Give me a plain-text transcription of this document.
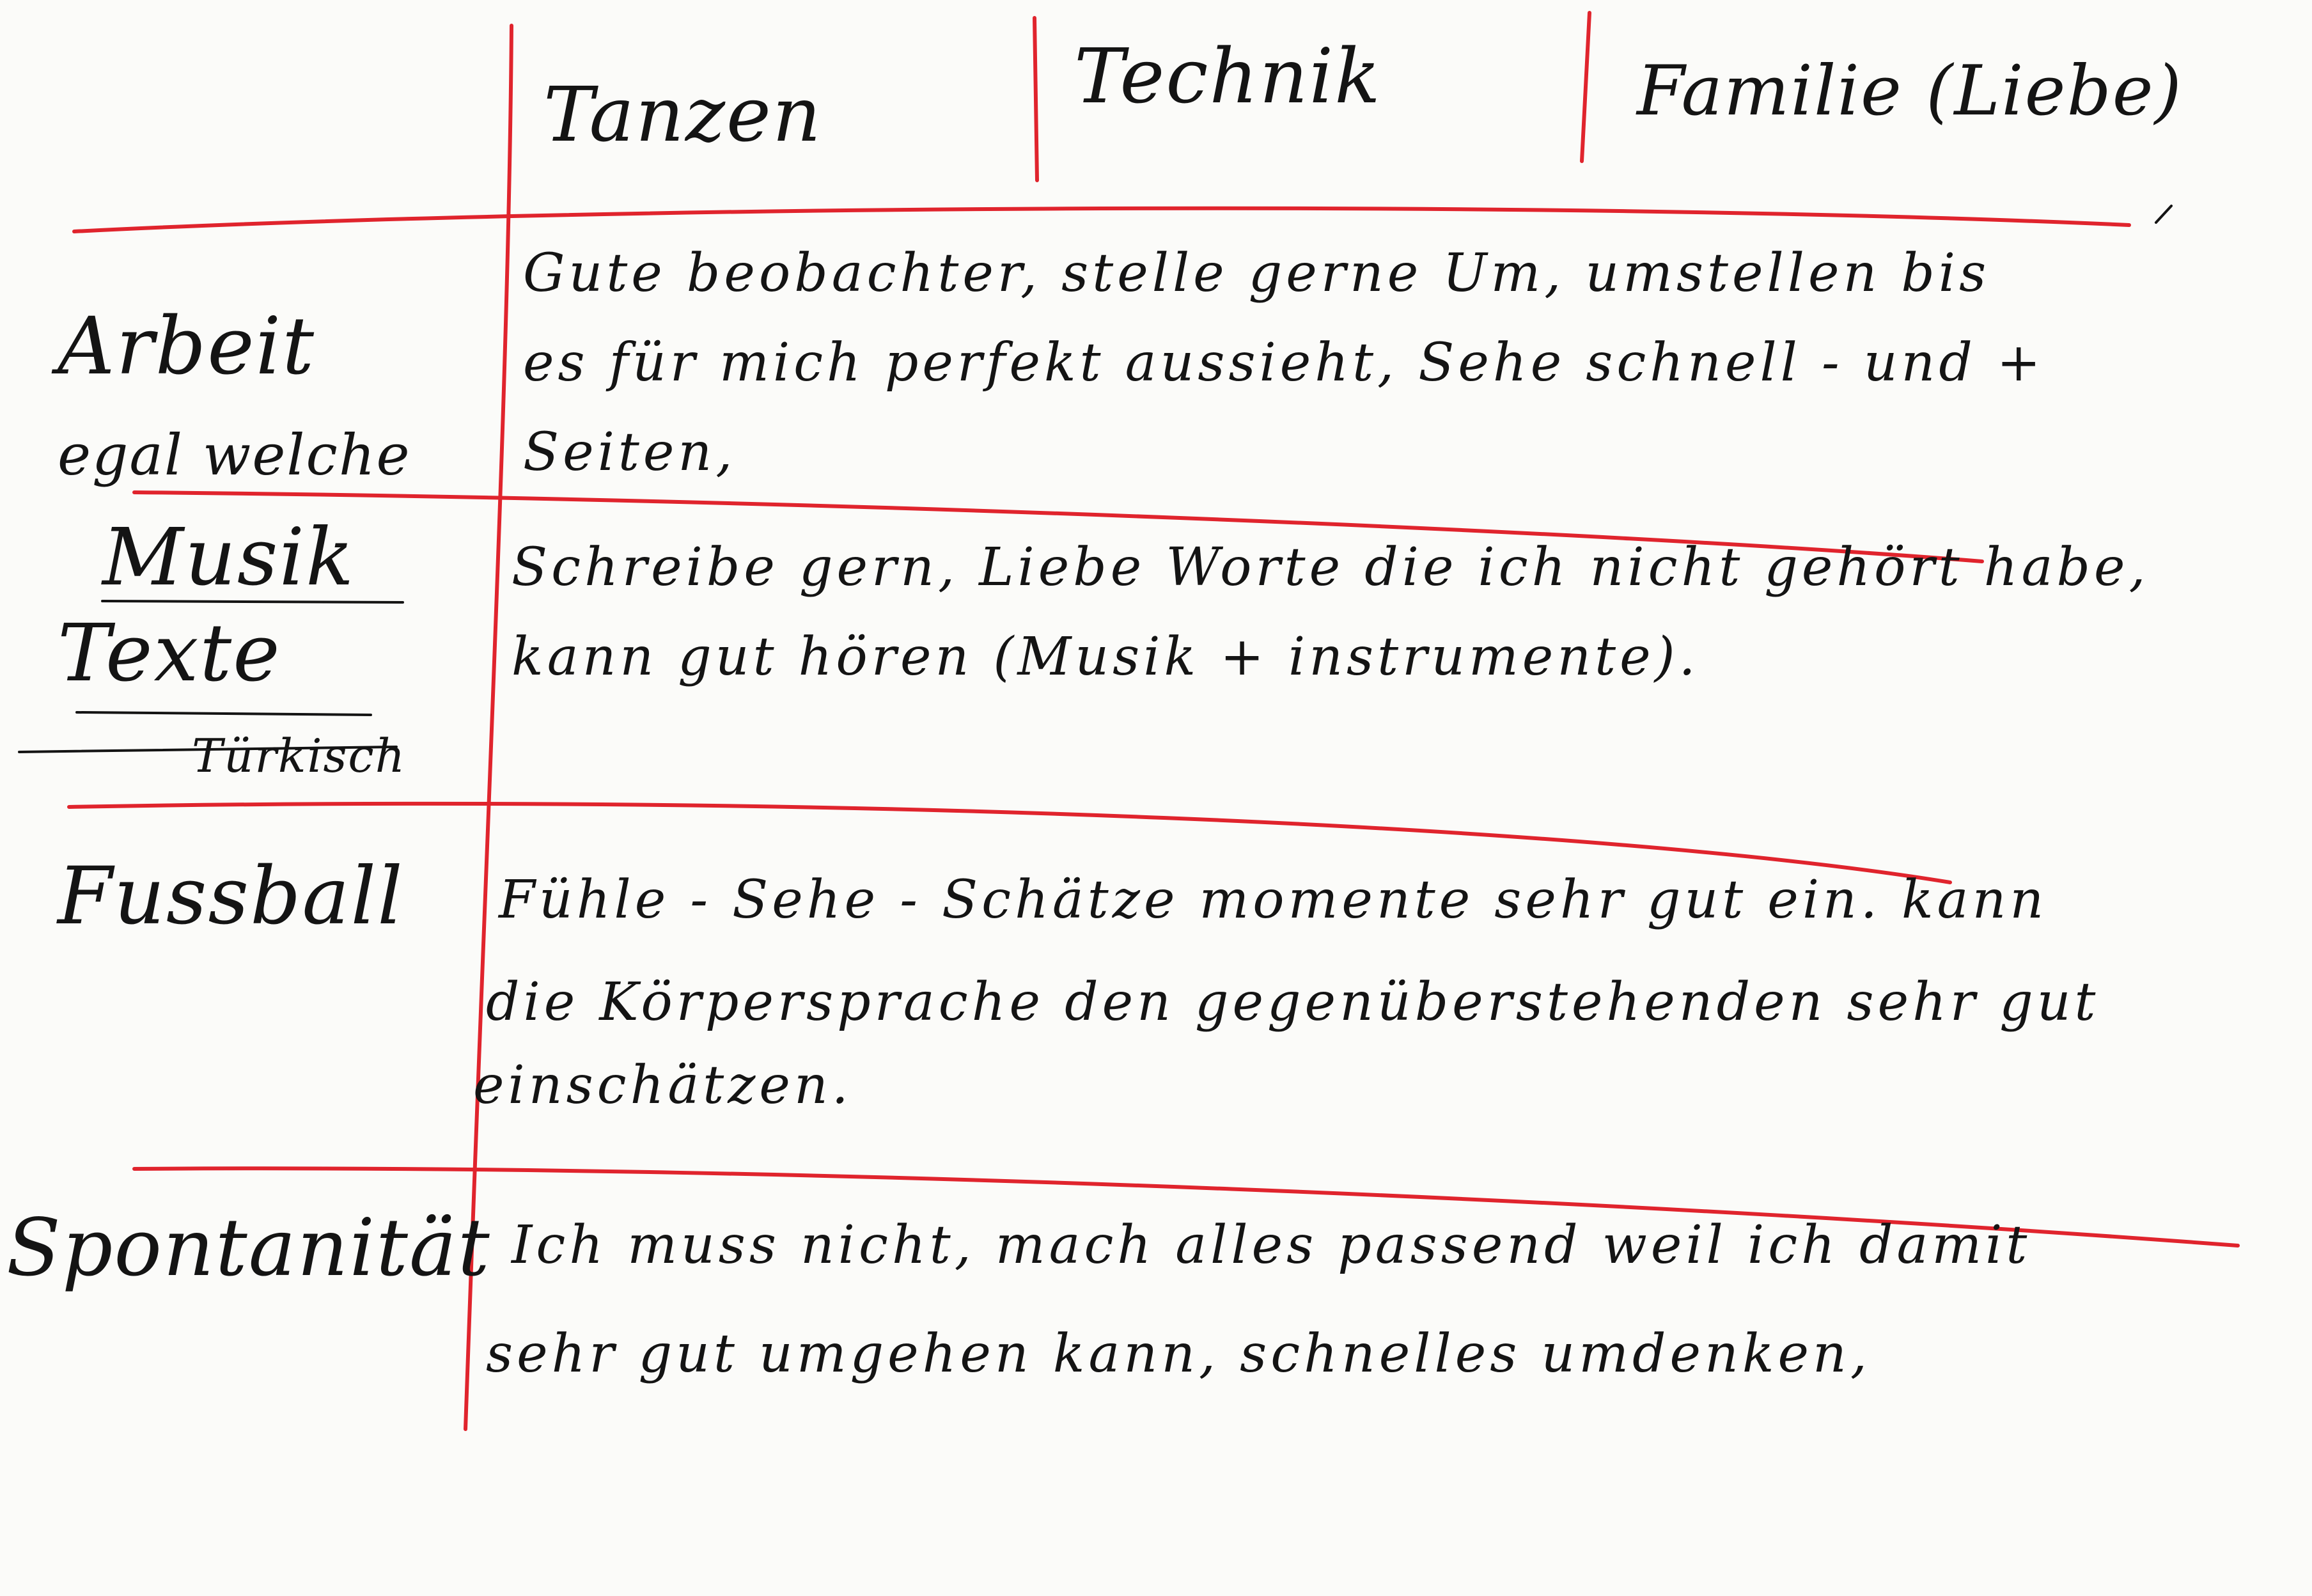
Tanzen	Technik	Familie (Liebe)
Arbeit
egal welche
Gute beobachter, stelle gerne Um, umstellen bis
es für mich perfekt aussieht, Sehe schnell - und +
Seiten,
Musik
Texte
Türkisch
Schreibe gern, Liebe Worte die ich nicht gehört habe,
kann gut hören (Musik + instrumente).
Fussball Fühle - Sehe - Schätze momente sehr gut ein. kann
die Körpersprache den gegenüberstehenden sehr gut
einschätzen.
Spontanität Ich muss nicht, mach alles passend weil ich damit
sehr gut umgehen kann, schnelles umdenken,
